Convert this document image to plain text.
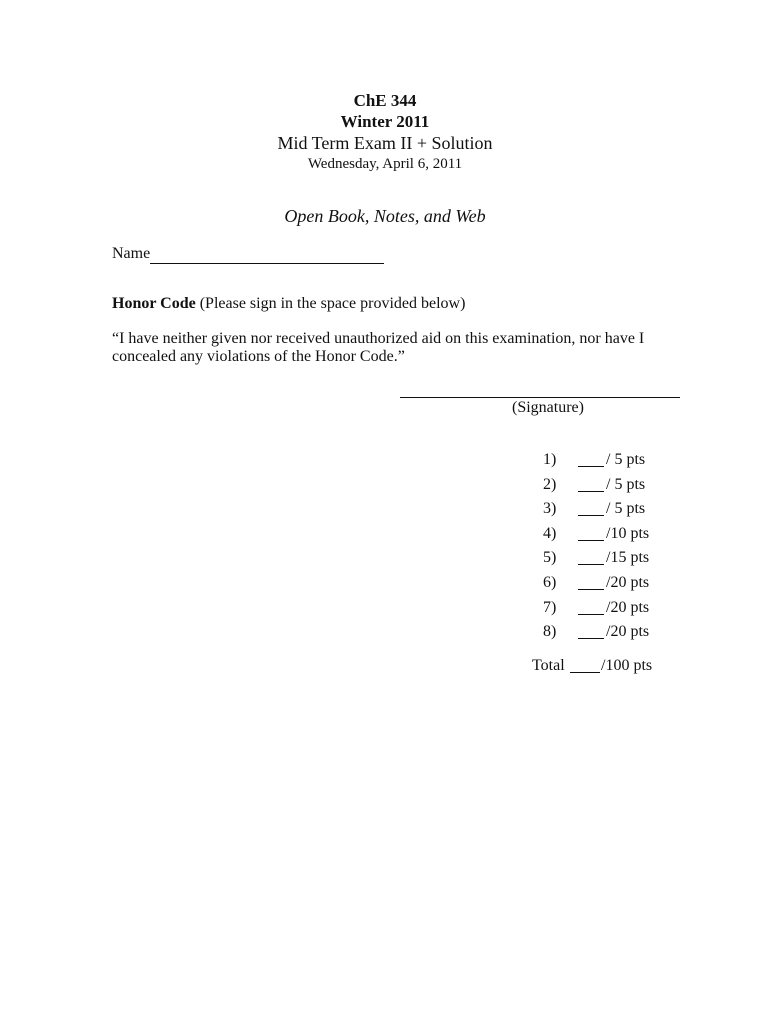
ChE 344
Winter 2011
Mid Term Exam II + Solution
Wednesday, April 6, 2011
Open Book, Notes, and Web
Name
Honor Code (Please sign in the space provided below)
“I have neither given nor received unauthorized aid on this examination, nor have I
concealed any violations of the Honor Code.”
(Signature)
1)	/ 5 pts
2)	/ 5 pts
3)	/ 5 pts
4)	/10 pts
5)	/15 pts
6)	/20 pts
7)	/20 pts
8)	/20 pts
Total /100 pts
